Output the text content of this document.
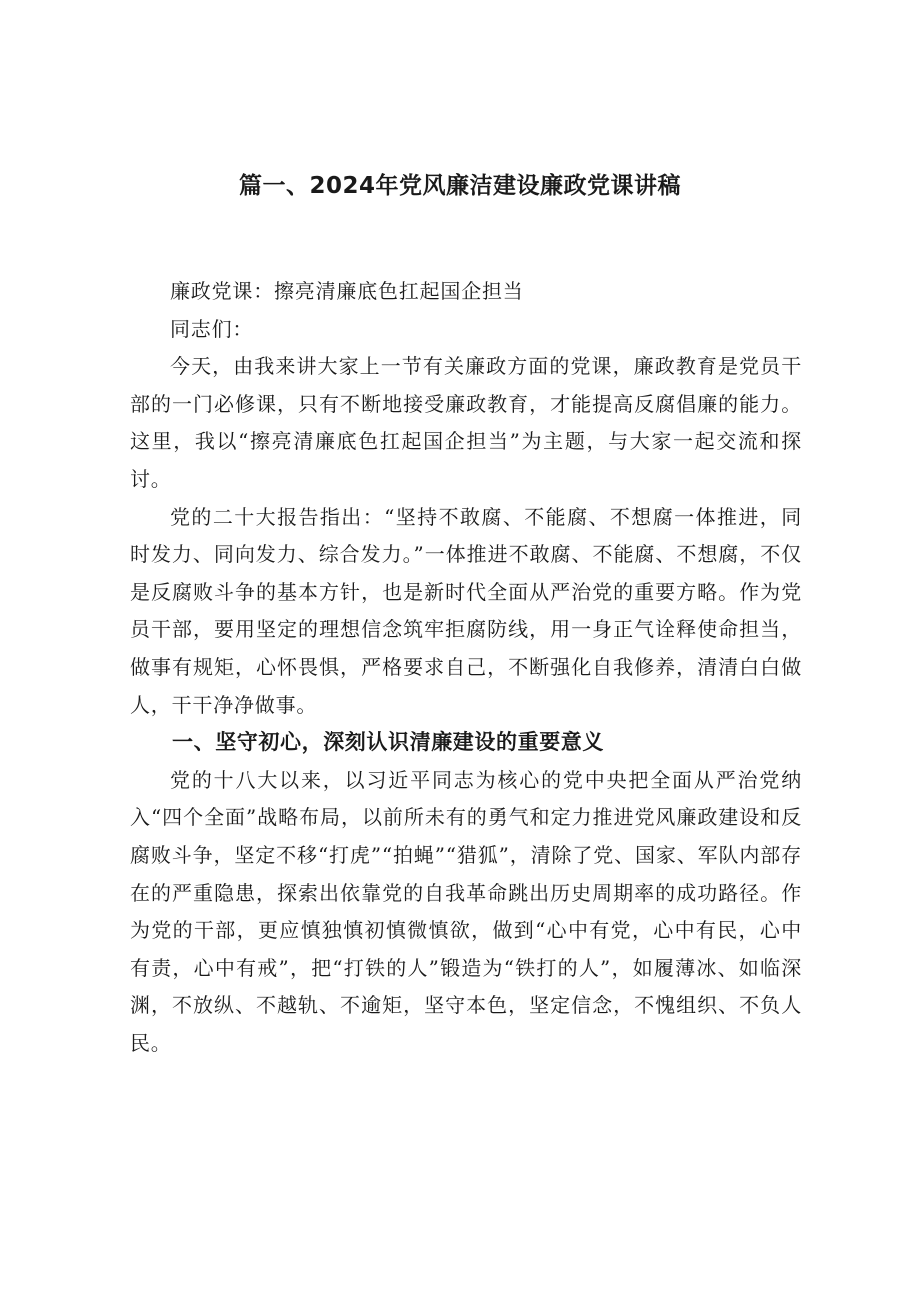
篇一、2024年党风廉洁建设廉政党课讲稿

廉政党课：擦亮清廉底色扛起国企担当

同志们：

今天，由我来讲大家上一节有关廉政方面的党课，廉政教育是党员干部的一门必修课，只有不断地接受廉政教育，才能提高反腐倡廉的能力。这里，我以“擦亮清廉底色扛起国企担当”为主题，与大家一起交流和探讨。

党的二十大报告指出：“坚持不敢腐、不能腐、不想腐一体推进，同时发力、同向发力、综合发力。”一体推进不敢腐、不能腐、不想腐，不仅是反腐败斗争的基本方针，也是新时代全面从严治党的重要方略。作为党员干部，要用坚定的理想信念筑牢拒腐防线，用一身正气诠释使命担当，做事有规矩，心怀畏惧，严格要求自己，不断强化自我修养，清清白白做人，干干净净做事。

一、坚守初心，深刻认识清廉建设的重要意义

党的十八大以来，以习近平同志为核心的党中央把全面从严治党纳入“四个全面”战略布局，以前所未有的勇气和定力推进党风廉政建设和反腐败斗争，坚定不移“打虎”“拍蝇”“猎狐”，清除了党、国家、军队内部存在的严重隐患，探索出依靠党的自我革命跳出历史周期率的成功路径。作为党的干部，更应慎独慎初慎微慎欲，做到“心中有党，心中有民，心中有责，心中有戒”，把“打铁的人”锻造为“铁打的人”，如履薄冰、如临深渊，不放纵、不越轨、不逾矩，坚守本色，坚定信念，不愧组织、不负人民。
